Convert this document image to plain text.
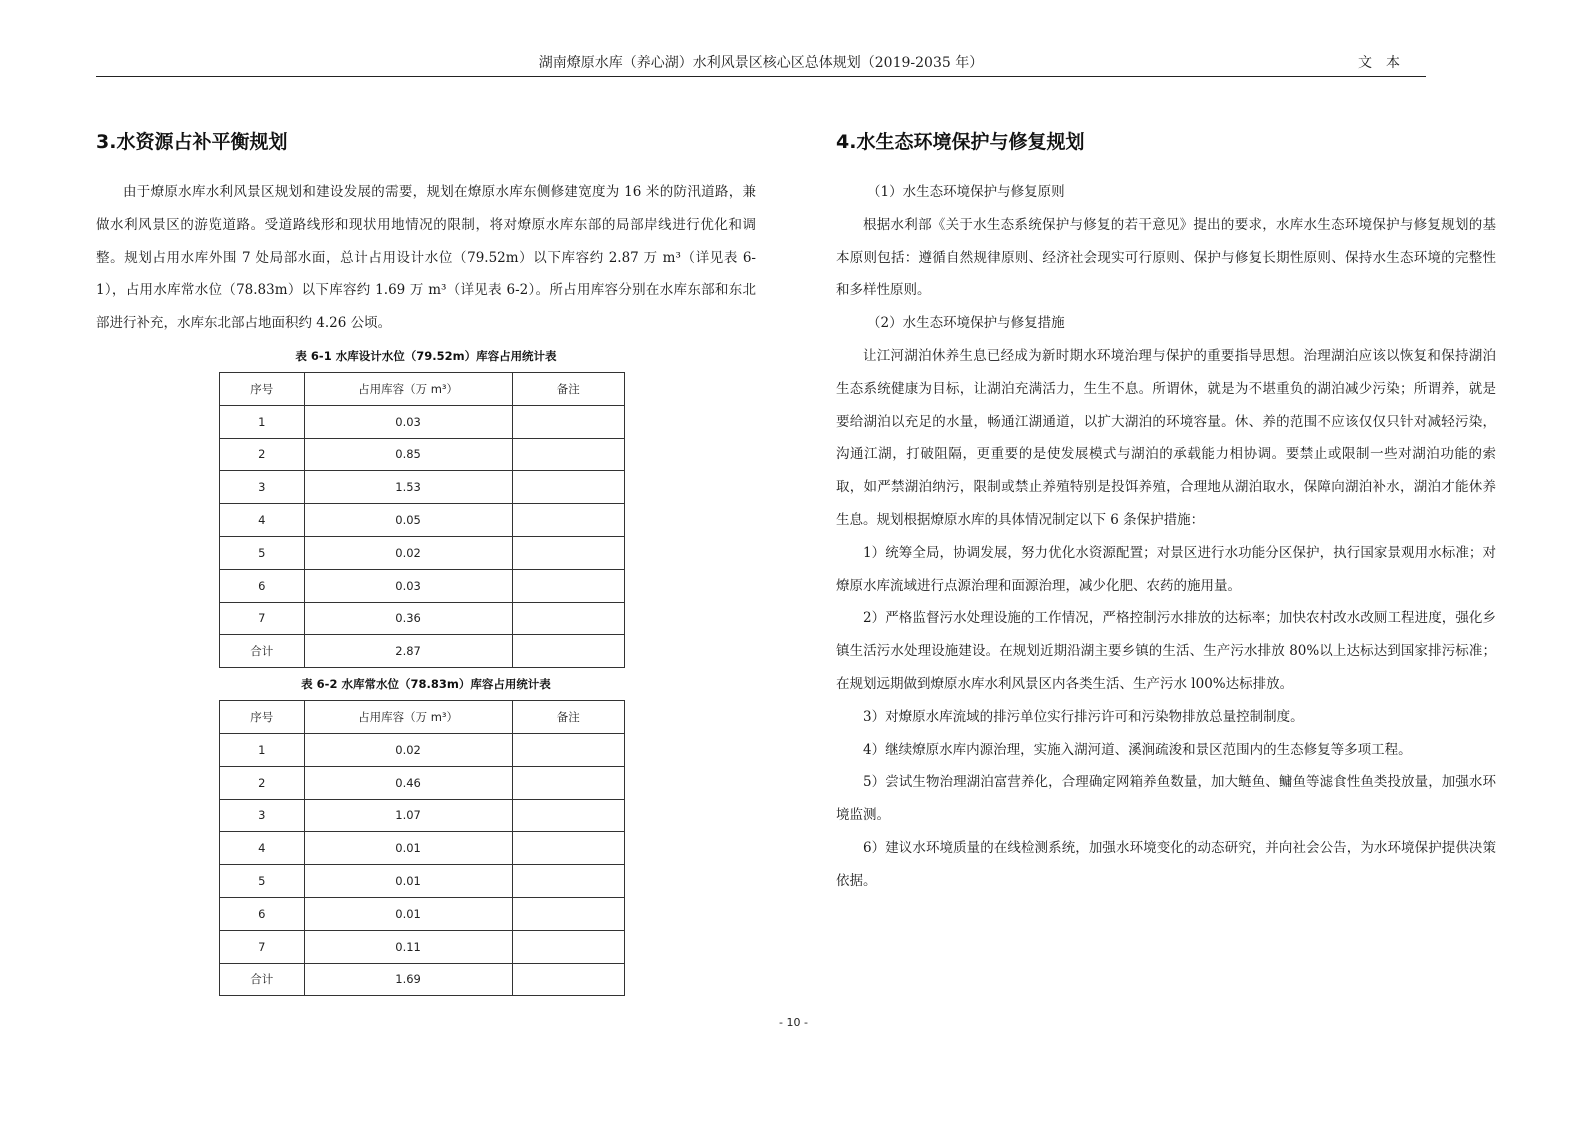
湖南燎原水库（养心湖）水利风景区核心区总体规划（2019-2035 年）	文本
3.水资源占补平衡规划

由于燎原水库水利风景区规划和建设发展的需要，规划在燎原水库东侧修建宽度为 16 米的防汛道路，兼做水利风景区的游览道路。受道路线形和现状用地情况的限制，将对燎原水库东部的局部岸线进行优化和调整。规划占用水库外围 7 处局部水面，总计占用设计水位（79.52m）以下库容约 2.87 万 m³（详见表 6-1），占用水库常水位（78.83m）以下库容约 1.69 万 m³（详见表 6-2）。所占用库容分别在水库东部和东北部进行补充，水库东北部占地面积约 4.26 公顷。

表 6-1 水库设计水位（79.52m）库容占用统计表

序号	占用库容（万 m³）	备注
1	0.03	
2	0.85	
3	1.53	
4	0.05	
5	0.02	
6	0.03	
7	0.36	
合计	2.87	

表 6-2 水库常水位（78.83m）库容占用统计表

序号	占用库容（万 m³）	备注
1	0.02	
2	0.46	
3	1.07	
4	0.01	
5	0.01	
6	0.01	
7	0.11	
合计	1.69	
4.水生态环境保护与修复规划

（1）水生态环境保护与修复原则

根据水利部《关于水生态系统保护与修复的若干意见》提出的要求，水库水生态环境保护与修复规划的基本原则包括：遵循自然规律原则、经济社会现实可行原则、保护与修复长期性原则、保持水生态环境的完整性和多样性原则。

（2）水生态环境保护与修复措施

让江河湖泊休养生息已经成为新时期水环境治理与保护的重要指导思想。治理湖泊应该以恢复和保持湖泊生态系统健康为目标，让湖泊充满活力，生生不息。所谓休，就是为不堪重负的湖泊减少污染；所谓养，就是要给湖泊以充足的水量，畅通江湖通道，以扩大湖泊的环境容量。休、养的范围不应该仅仅只针对减轻污染，沟通江湖，打破阻隔，更重要的是使发展模式与湖泊的承载能力相协调。要禁止或限制一些对湖泊功能的索取，如严禁湖泊纳污，限制或禁止养殖特别是投饵养殖，合理地从湖泊取水，保障向湖泊补水，湖泊才能休养生息。规划根据燎原水库的具体情况制定以下 6 条保护措施：

1）统筹全局，协调发展，努力优化水资源配置；对景区进行水功能分区保护，执行国家景观用水标准；对燎原水库流域进行点源治理和面源治理，减少化肥、农药的施用量。

2）严格监督污水处理设施的工作情况，严格控制污水排放的达标率；加快农村改水改厕工程进度，强化乡镇生活污水处理设施建设。在规划近期沿湖主要乡镇的生活、生产污水排放 80%以上达标达到国家排污标准；在规划远期做到燎原水库水利风景区内各类生活、生产污水 l00%达标排放。

3）对燎原水库流域的排污单位实行排污许可和污染物排放总量控制制度。

4）继续燎原水库内源治理，实施入湖河道、溪涧疏浚和景区范围内的生态修复等多项工程。

5）尝试生物治理湖泊富营养化，合理确定网箱养鱼数量，加大鲢鱼、鳙鱼等滤食性鱼类投放量，加强水环境监测。

6）建议水环境质量的在线检测系统，加强水环境变化的动态研究，并向社会公告，为水环境保护提供决策依据。

- 10 -
